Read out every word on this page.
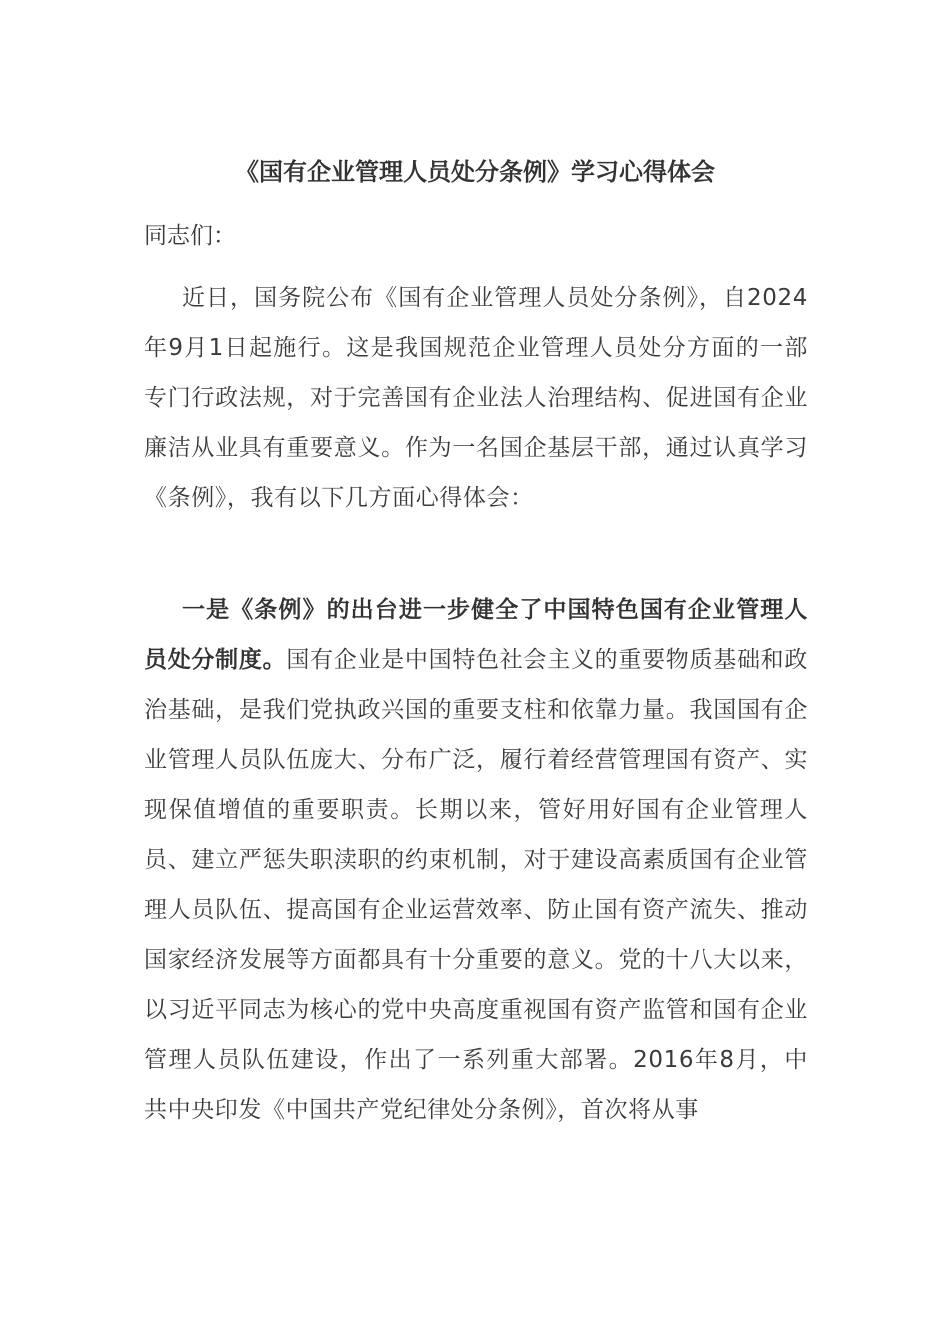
《国有企业管理人员处分条例》学习心得体会

同志们：

近日，国务院公布《国有企业管理人员处分条例》，自2024年9月1日起施行。这是我国规范企业管理人员处分方面的一部专门行政法规，对于完善国有企业法人治理结构、促进国有企业廉洁从业具有重要意义。作为一名国企基层干部，通过认真学习《条例》，我有以下几方面心得体会：

一是《条例》的出台进一步健全了中国特色国有企业管理人员处分制度。国有企业是中国特色社会主义的重要物质基础和政治基础，是我们党执政兴国的重要支柱和依靠力量。我国国有企业管理人员队伍庞大、分布广泛，履行着经营管理国有资产、实现保值增值的重要职责。长期以来，管好用好国有企业管理人员、建立严惩失职渎职的约束机制，对于建设高素质国有企业管理人员队伍、提高国有企业运营效率、防止国有资产流失、推动国家经济发展等方面都具有十分重要的意义。党的十八大以来，以习近平同志为核心的党中央高度重视国有资产监管和国有企业管理人员队伍建设，作出了一系列重大部署。2016年8月，中共中央印发《中国共产党纪律处分条例》，首次将从事
